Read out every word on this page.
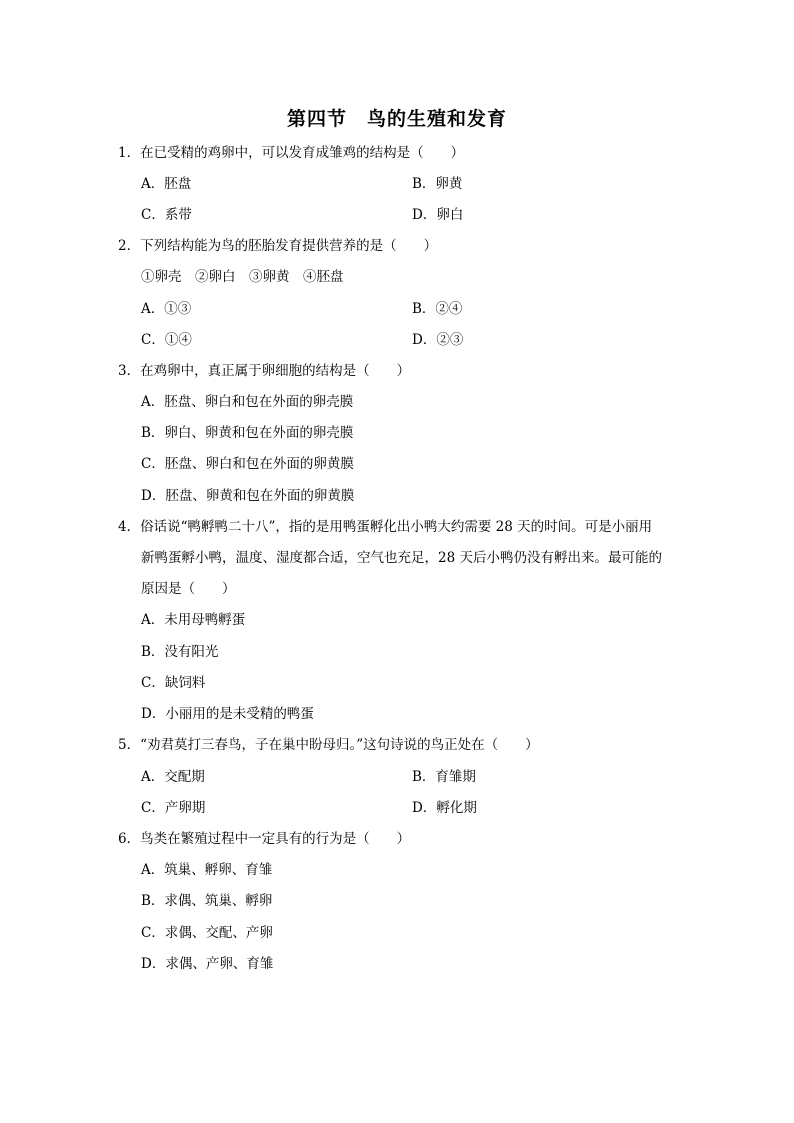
第四节　鸟的生殖和发育
1．在已受精的鸡卵中，可以发育成雏鸡的结构是（　　）
A．胚盘	B．卵黄
C．系带	D．卵白
2．下列结构能为鸟的胚胎发育提供营养的是（　　）
①卵壳　②卵白　③卵黄　④胚盘
A．①③	B．②④
C．①④	D．②③
3．在鸡卵中，真正属于卵细胞的结构是（　　）
A．胚盘、卵白和包在外面的卵壳膜
B．卵白、卵黄和包在外面的卵壳膜
C．胚盘、卵白和包在外面的卵黄膜
D．胚盘、卵黄和包在外面的卵黄膜
4．俗话说“鸭孵鸭二十八”，指的是用鸭蛋孵化出小鸭大约需要 28 天的时间。可是小丽用
新鸭蛋孵小鸭，温度、湿度都合适，空气也充足，28 天后小鸭仍没有孵出来。最可能的
原因是（　　）
A．未用母鸭孵蛋
B．没有阳光
C．缺饲料
D．小丽用的是未受精的鸭蛋
5．“劝君莫打三春鸟，子在巢中盼母归。”这句诗说的鸟正处在（　　）
A．交配期	B．育雏期
C．产卵期	D．孵化期
6．鸟类在繁殖过程中一定具有的行为是（　　）
A．筑巢、孵卵、育雏
B．求偶、筑巢、孵卵
C．求偶、交配、产卵
D．求偶、产卵、育雏
